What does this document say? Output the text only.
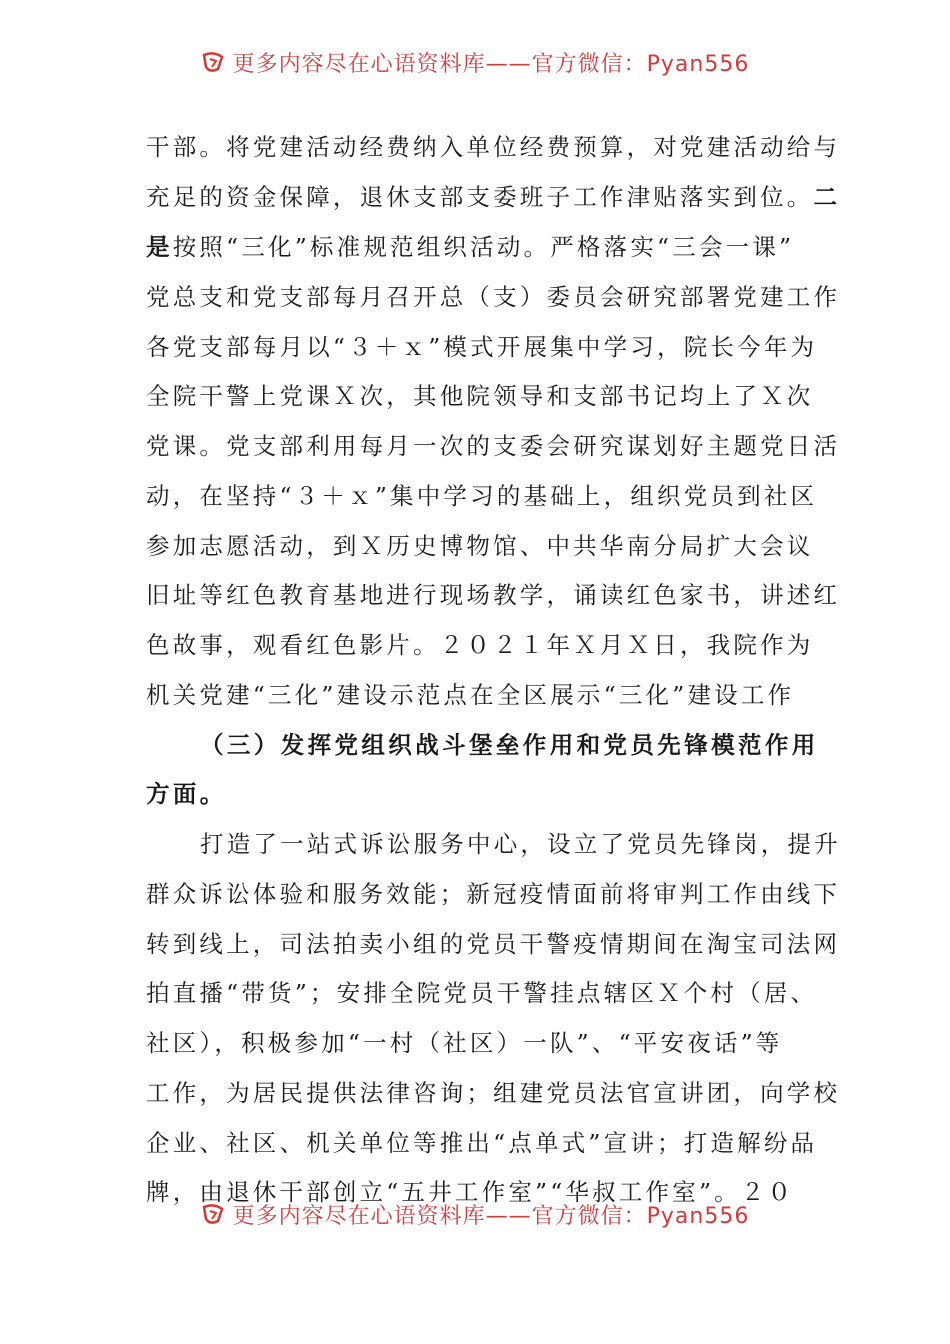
更多内容尽在心语资料库——官方微信：Pyan556
干部。将党建活动经费纳入单位经费预算，对党建活动给与
充足的资金保障，退休支部支委班子工作津贴落实到位。二
是按照“三化”标准规范组织活动。严格落实“三会一课”
党总支和党支部每月召开总（支）委员会研究部署党建工作
各党支部每月以“３＋ｘ”模式开展集中学习，院长今年为
全院干警上党课Ｘ次，其他院领导和支部书记均上了Ｘ次
党课。党支部利用每月一次的支委会研究谋划好主题党日活
动，在坚持“３＋ｘ”集中学习的基础上，组织党员到社区
参加志愿活动，到Ｘ历史博物馆、中共华南分局扩大会议
旧址等红色教育基地进行现场教学，诵读红色家书，讲述红
色故事，观看红色影片。２０２１年Ｘ月Ｘ日，我院作为
机关党建“三化”建设示范点在全区展示“三化”建设工作
（三）发挥党组织战斗堡垒作用和党员先锋模范作用
方面。
打造了一站式诉讼服务中心，设立了党员先锋岗，提升
群众诉讼体验和服务效能；新冠疫情面前将审判工作由线下
转到线上，司法拍卖小组的党员干警疫情期间在淘宝司法网
拍直播“带货”；安排全院党员干警挂点辖区Ｘ个村（居、
社区），积极参加“一村（社区）一队”、“平安夜话”等
工作，为居民提供法律咨询；组建党员法官宣讲团，向学校
企业、社区、机关单位等推出“点单式”宣讲；打造解纷品
牌，由退休干部创立“五井工作室”“华叔工作室”。２０
更多内容尽在心语资料库——官方微信：Pyan556
